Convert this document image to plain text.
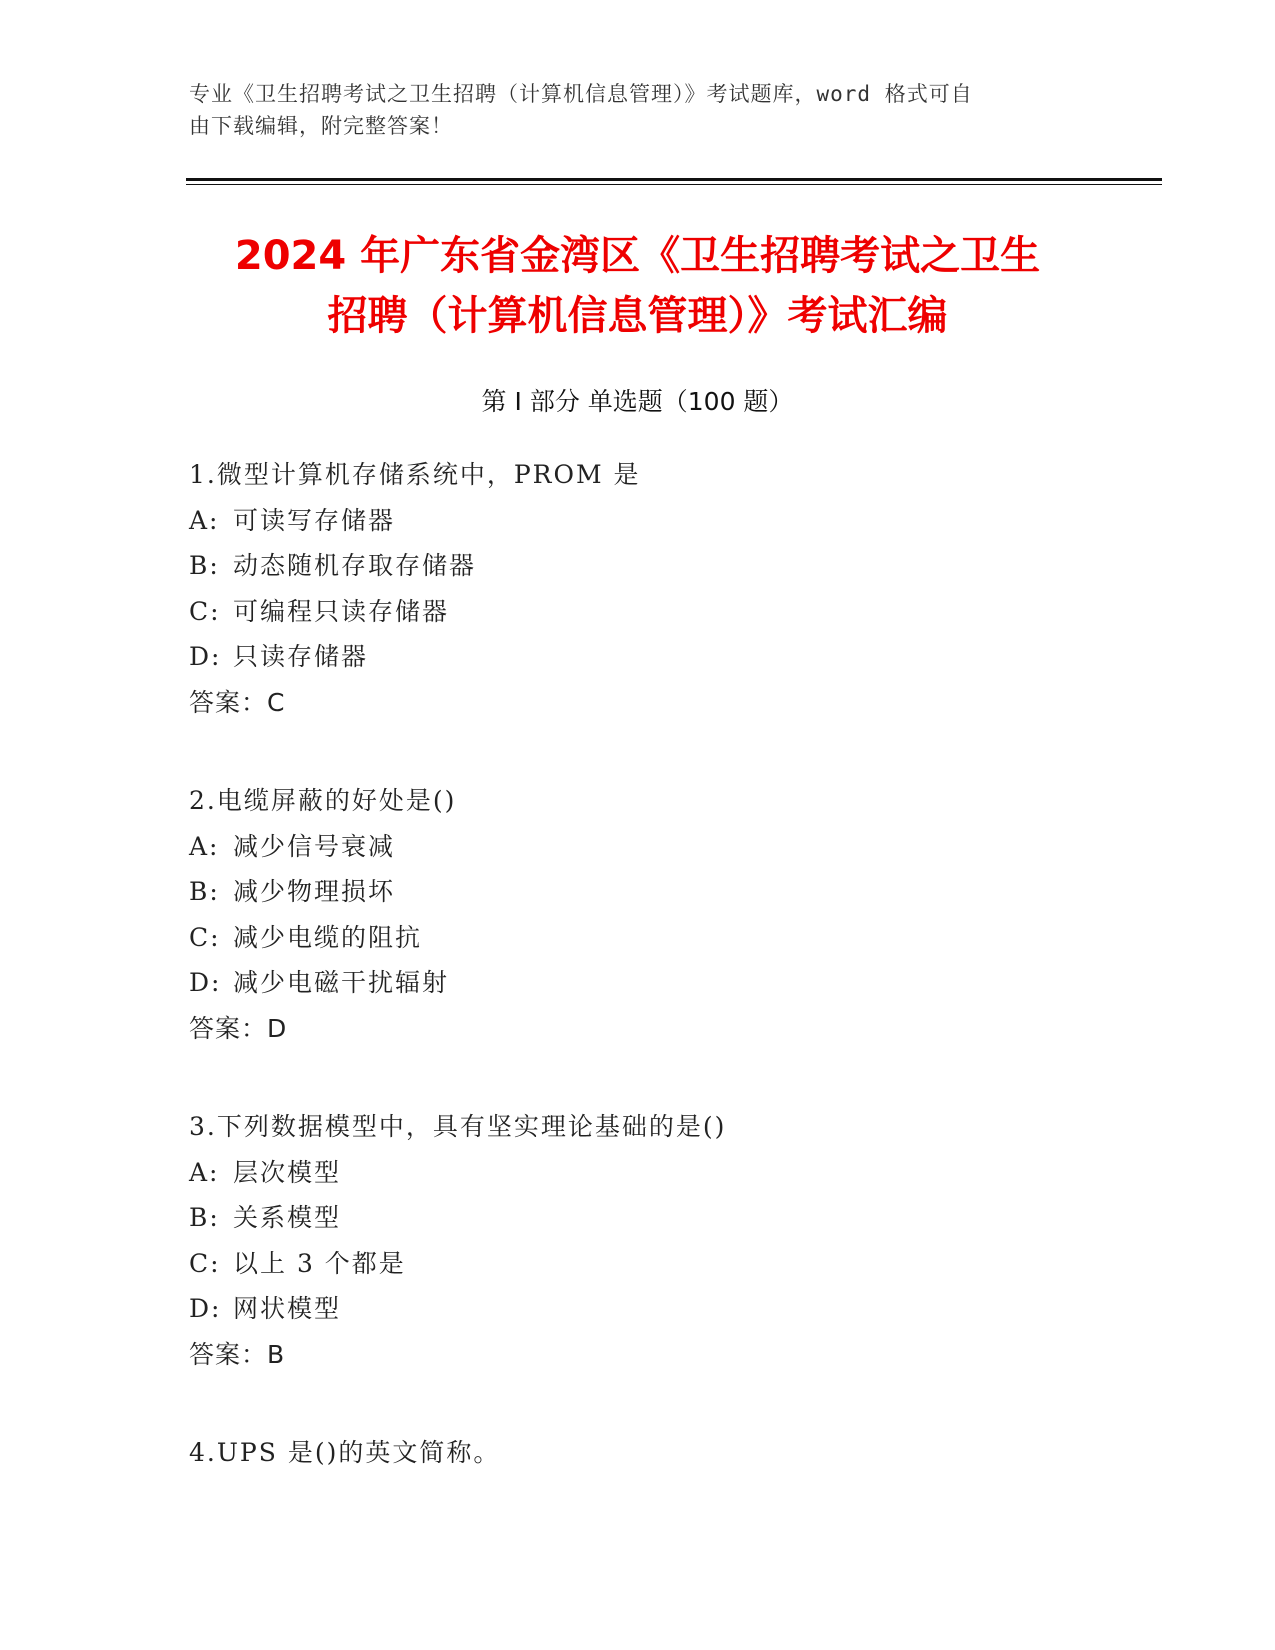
专业《卫生招聘考试之卫生招聘（计算机信息管理）》考试题库，word 格式可自
由下载编辑，附完整答案！
2024 年广东省金湾区《卫生招聘考试之卫生
招聘（计算机信息管理）》考试汇编
第 I 部分 单选题（100 题）
1.微型计算机存储系统中，PROM 是
A: 可读写存储器
B: 动态随机存取存储器
C: 可编程只读存储器
D: 只读存储器
答案：C
2.电缆屏蔽的好处是()
A: 减少信号衰减
B: 减少物理损坏
C: 减少电缆的阻抗
D: 减少电磁干扰辐射
答案：D
3.下列数据模型中，具有坚实理论基础的是()
A: 层次模型
B: 关系模型
C: 以上 3 个都是
D: 网状模型
答案：B
4.UPS 是()的英文简称。
